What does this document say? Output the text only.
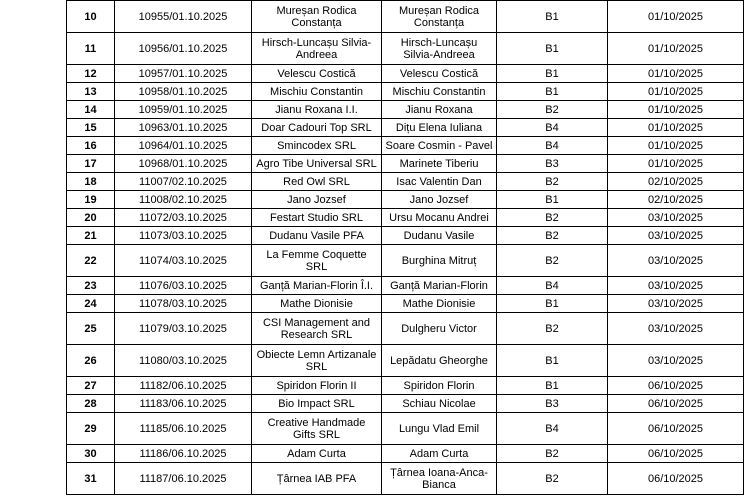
10	10955/01.10.2025	Mureșan Rodica Constanța	Mureșan Rodica Constanța	B1	01/10/2025
11	10956/01.10.2025	Hirsch-Luncașu Silvia-Andreea	Hirsch-Luncașu Silvia-Andreea	B1	01/10/2025
12	10957/01.10.2025	Velescu Costică	Velescu Costică	B1	01/10/2025
13	10958/01.10.2025	Mischiu Constantin	Mischiu Constantin	B1	01/10/2025
14	10959/01.10.2025	Jianu Roxana I.I.	Jianu Roxana	B2	01/10/2025
15	10963/01.10.2025	Doar Cadouri Top SRL	Dițu Elena Iuliana	B4	01/10/2025
16	10964/01.10.2025	Smincodex SRL	Soare Cosmin - Pavel	B4	01/10/2025
17	10968/01.10.2025	Agro Tibe Universal SRL	Marinete Tiberiu	B3	01/10/2025
18	11007/02.10.2025	Red Owl SRL	Isac Valentin Dan	B2	02/10/2025
19	11008/02.10.2025	Jano Jozsef	Jano Jozsef	B1	02/10/2025
20	11072/03.10.2025	Festart Studio SRL	Ursu Mocanu Andrei	B2	03/10/2025
21	11073/03.10.2025	Dudanu Vasile PFA	Dudanu Vasile	B2	03/10/2025
22	11074/03.10.2025	La Femme Coquette SRL	Burghina Mitruț	B2	03/10/2025
23	11076/03.10.2025	Ganță Marian-Florin Î.I.	Ganță Marian-Florin	B4	03/10/2025
24	11078/03.10.2025	Mathe Dionisie	Mathe Dionisie	B1	03/10/2025
25	11079/03.10.2025	CSI Management and Research SRL	Dulgheru Victor	B2	03/10/2025
26	11080/03.10.2025	Obiecte Lemn Artizanale SRL	Lepădatu Gheorghe	B1	03/10/2025
27	11182/06.10.2025	Spiridon Florin II	Spiridon Florin	B1	06/10/2025
28	11183/06.10.2025	Bio Impact SRL	Schiau Nicolae	B3	06/10/2025
29	11185/06.10.2025	Creative Handmade Gifts SRL	Lungu Vlad Emil	B4	06/10/2025
30	11186/06.10.2025	Adam Curta	Adam Curta	B2	06/10/2025
31	11187/06.10.2025	Țârnea IAB PFA	Țârnea Ioana-Anca-Bianca	B2	06/10/2025
